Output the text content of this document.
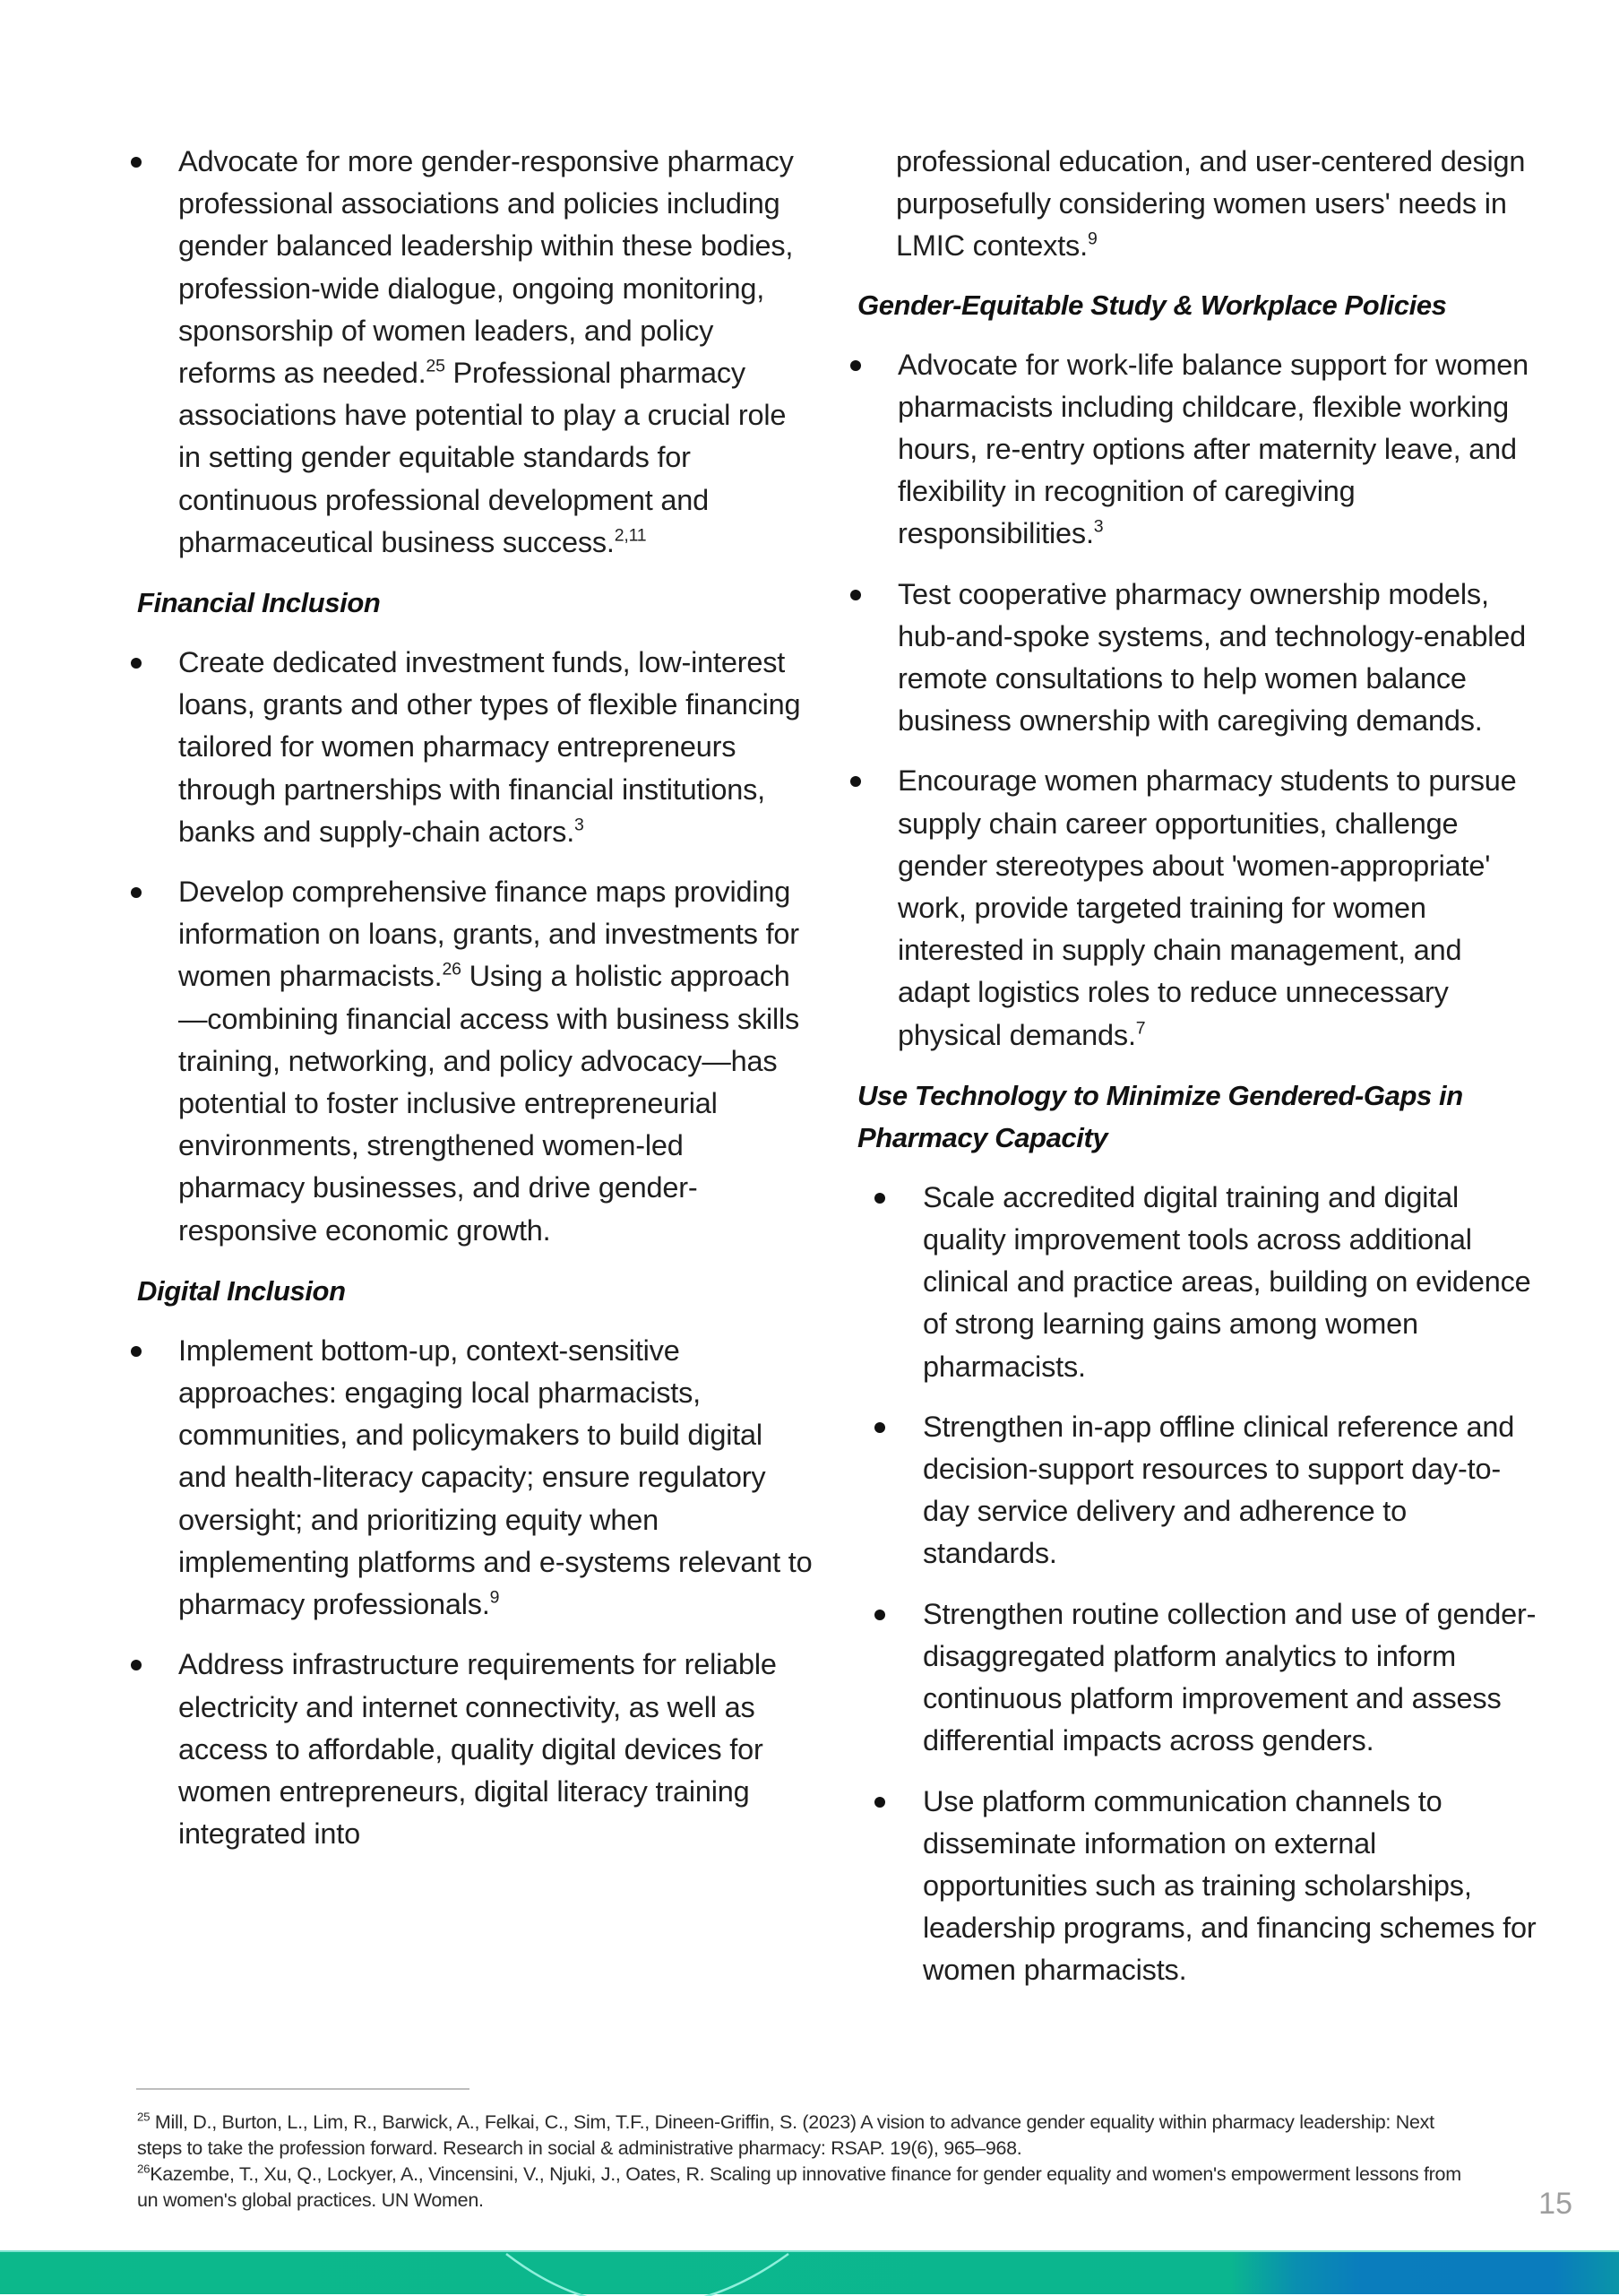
Advocate for more gender-responsive pharmacy professional associations and policies including gender balanced leadership within these bodies, profession-wide dialogue, ongoing monitoring, sponsorship of women leaders, and policy reforms as needed.$^{25}$ Professional pharmacy associations have potential to play a crucial role in setting gender equitable standards for continuous professional development and pharmaceutical business success.$^{2,11}$
Financial Inclusion
Create dedicated investment funds, low-interest loans, grants and other types of flexible financing tailored for women pharmacy entrepreneurs through partnerships with financial institutions, banks and supply-chain actors.$^3$
Develop comprehensive finance maps providing information on loans, grants, and investments for women pharmacists.$^{26}$ Using a holistic approach—combining financial access with business skills training, networking, and policy advocacy—has potential to foster inclusive entrepreneurial environments, strengthened women-led pharmacy businesses, and drive gender-responsive economic growth.
Digital Inclusion
Implement bottom-up, context-sensitive approaches: engaging local pharmacists, communities, and policymakers to build digital and health-literacy capacity; ensure regulatory oversight; and prioritizing equity when implementing platforms and e-systems relevant to pharmacy professionals.$^9$
Address infrastructure requirements for reliable electricity and internet connectivity, as well as access to affordable, quality digital devices for women entrepreneurs, digital literacy training integrated into
professional education, and user-centered design purposefully considering women users' needs in LMIC contexts.$^9$
Gender-Equitable Study & Workplace Policies
Advocate for work-life balance support for women pharmacists including childcare, flexible working hours, re-entry options after maternity leave, and flexibility in recognition of caregiving responsibilities.$^3$
Test cooperative pharmacy ownership models, hub-and-spoke systems, and technology-enabled remote consultations to help women balance business ownership with caregiving demands.
Encourage women pharmacy students to pursue supply chain career opportunities, challenge gender stereotypes about 'women-appropriate' work, provide targeted training for women interested in supply chain management, and adapt logistics roles to reduce unnecessary physical demands.$^7$
Use Technology to Minimize Gendered-Gaps in Pharmacy Capacity
Scale accredited digital training and digital quality improvement tools across additional clinical and practice areas, building on evidence of strong learning gains among women pharmacists.
Strengthen in-app offline clinical reference and decision-support resources to support day-to-day service delivery and adherence to standards.
Strengthen routine collection and use of gender-disaggregated platform analytics to inform continuous platform improvement and assess differential impacts across genders.
Use platform communication channels to disseminate information on external opportunities such as training scholarships, leadership programs, and financing schemes for women pharmacists.
$^{25}$ Mill, D., Burton, L., Lim, R., Barwick, A., Felkai, C., Sim, T.F., Dineen-Griffin, S. (2023) A vision to advance gender equality within pharmacy leadership: Next steps to take the profession forward. Research in social & administrative pharmacy: RSAP. 19(6), 965–968.
$^{26}$Kazembe, T., Xu, Q., Lockyer, A., Vincensini, V., Njuki, J., Oates, R. Scaling up innovative finance for gender equality and women's empowerment lessons from un women's global practices. UN Women.	15
